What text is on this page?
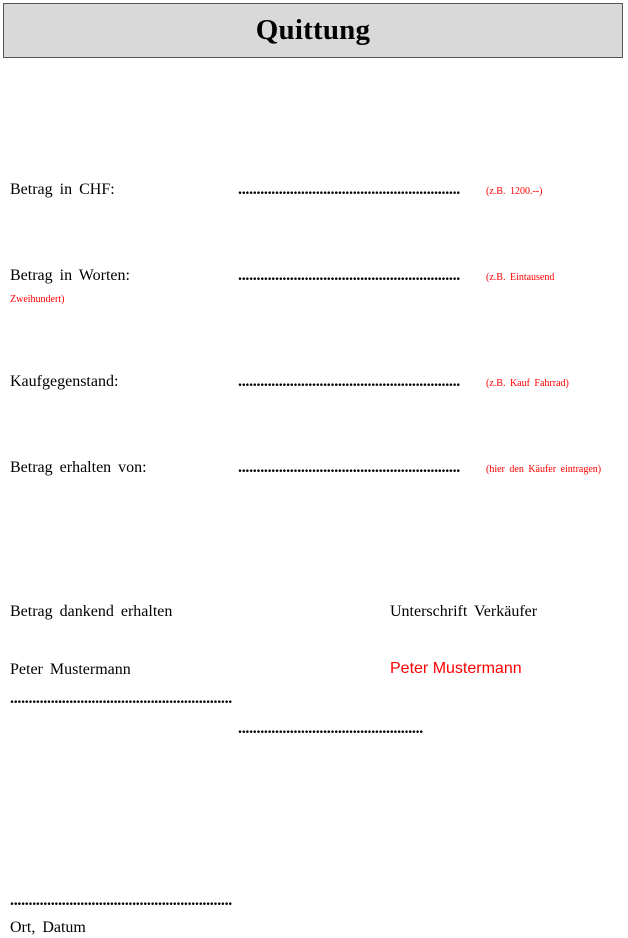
Quittung
Betrag in CHF:	............................................................	(z.B. 1200.--)
Betrag in Worten:	............................................................	(z.B. Eintausend
Zweihundert)
Kaufgegenstand:	............................................................	(z.B. Kauf Fahrrad)
Betrag erhalten von:	............................................................	(hier den Käufer eintragen)
Betrag dankend erhalten	Unterschrift Verkäufer
Peter Mustermann	Peter Mustermann
............................................................
..................................................
............................................................
Ort, Datum
